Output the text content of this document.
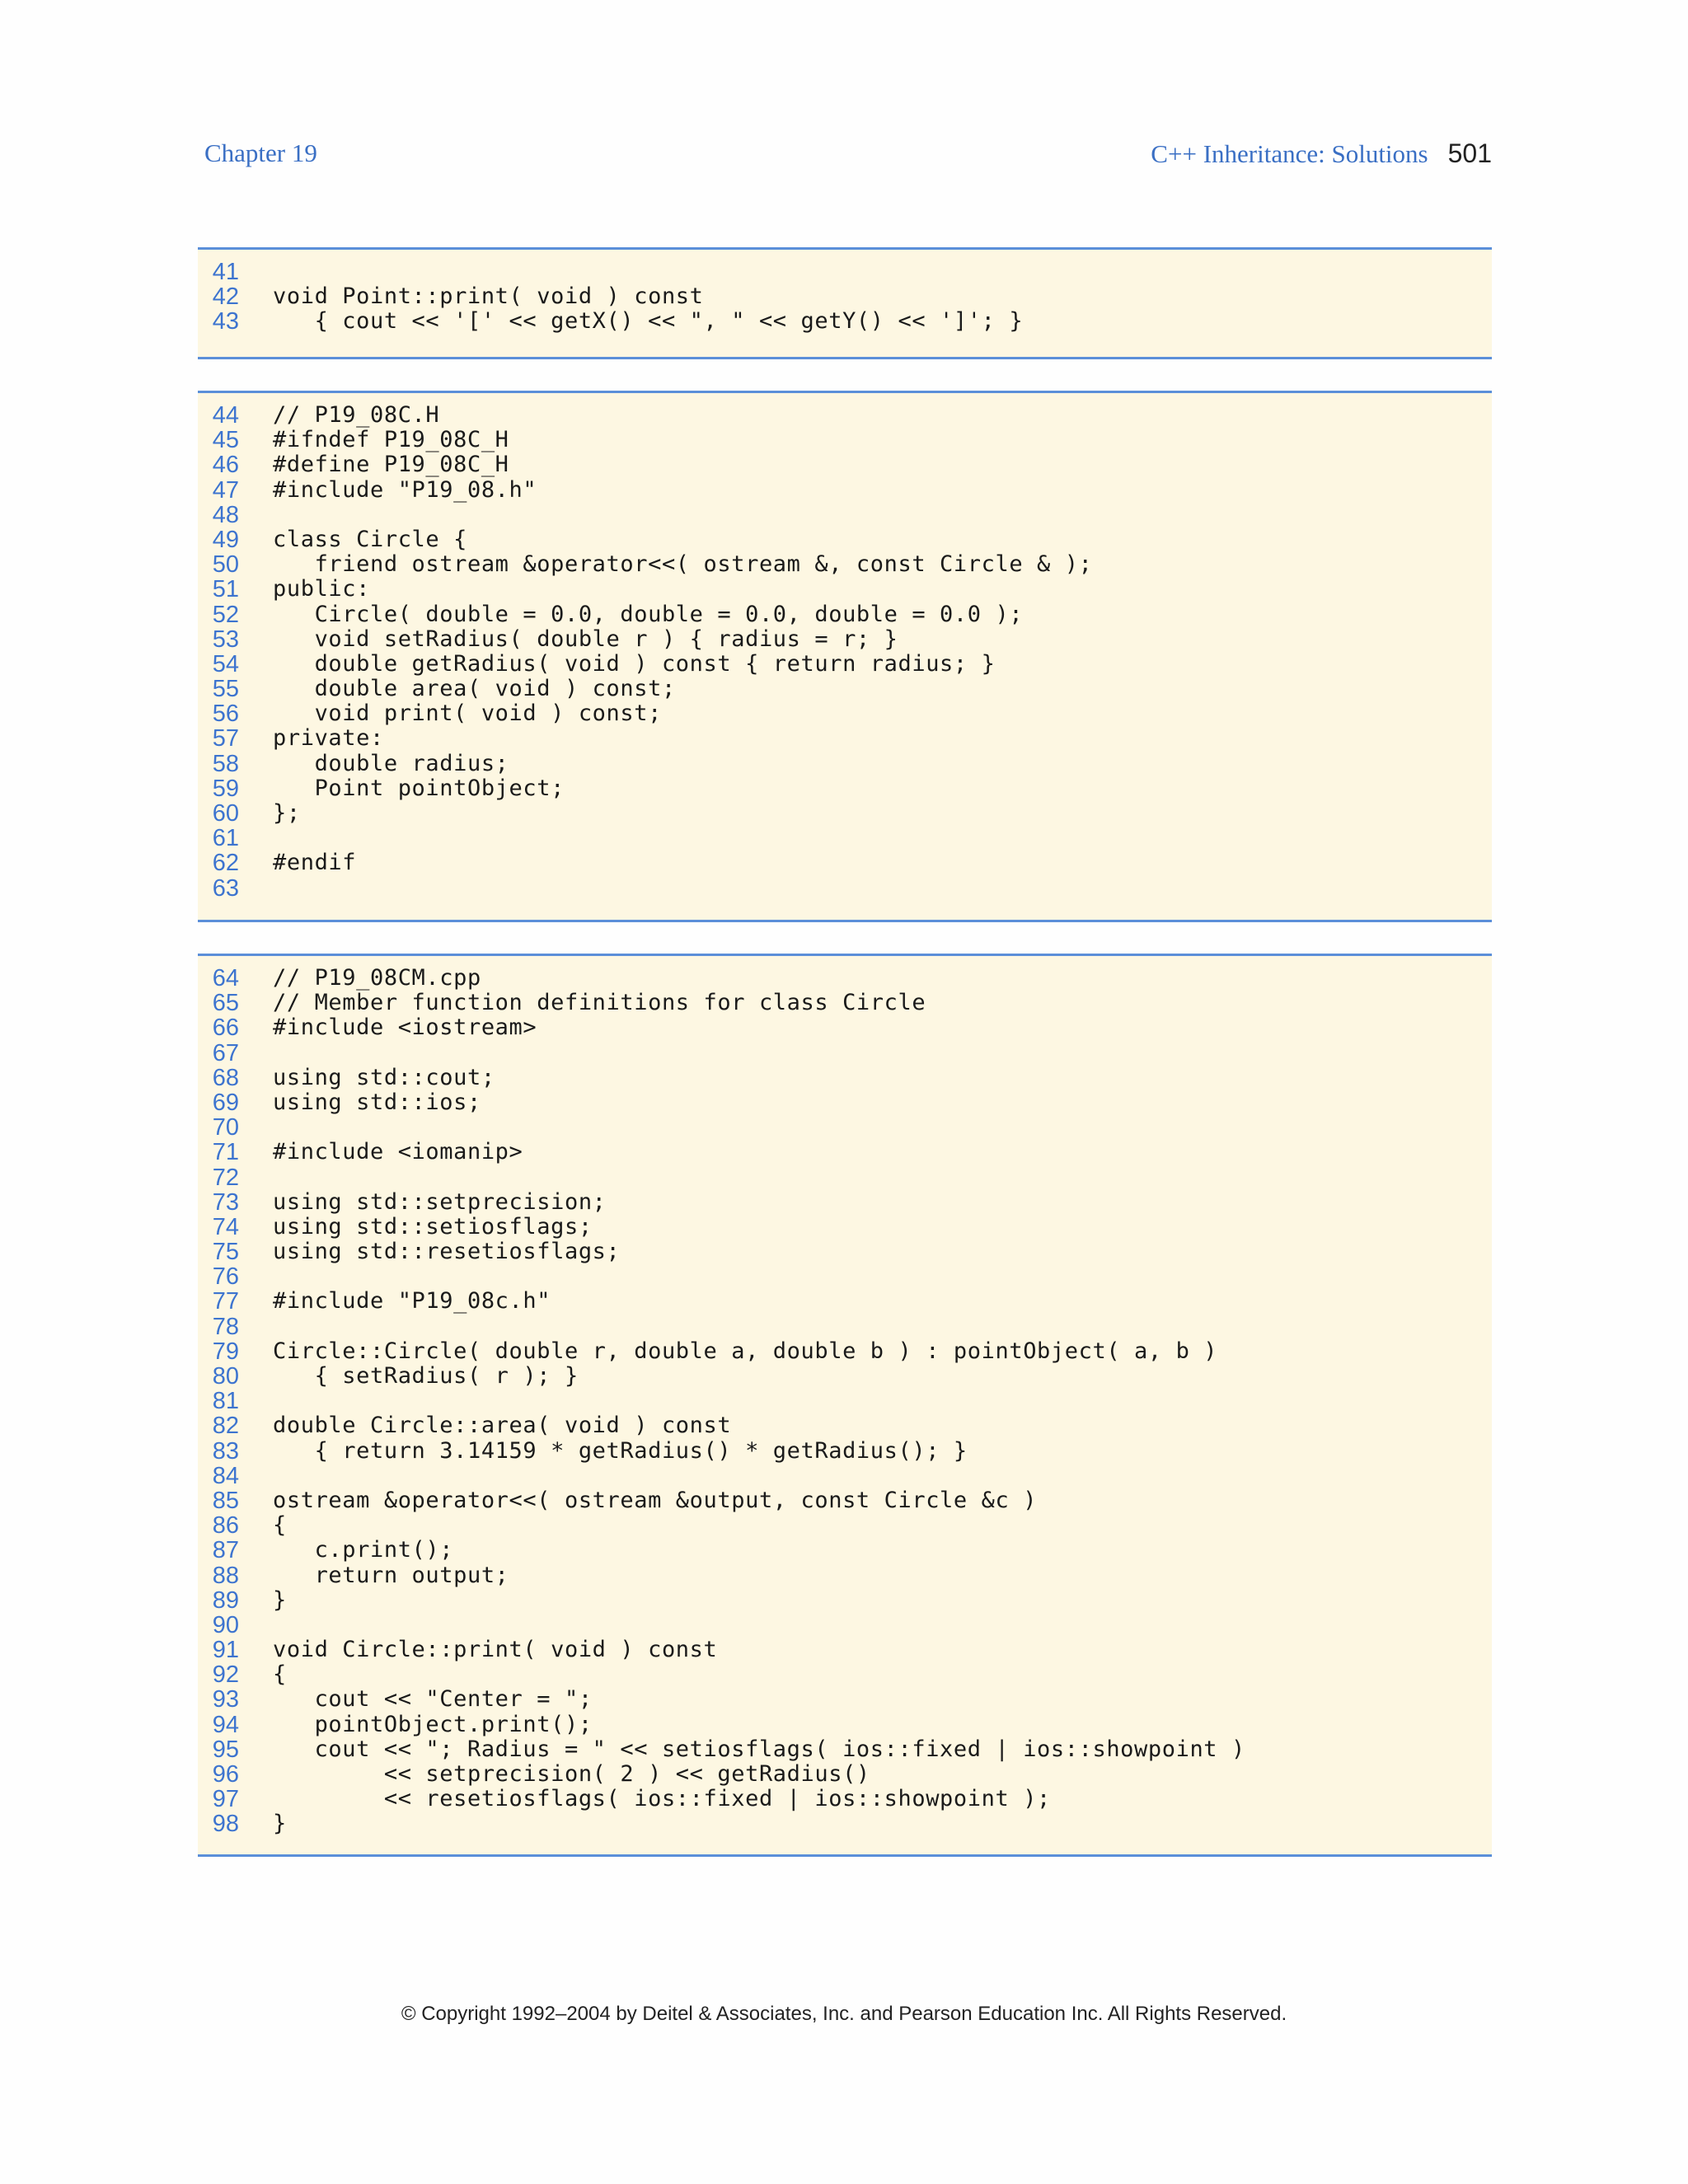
Chapter 19	C++ Inheritance: Solutions 501
41
42 void Point::print( void ) const
43 { cout << '[' << getX() << ", " << getY() << ']'; }
44 // P19_08C.H
45 #ifndef P19_08C_H
46 #define P19_08C_H
47 #include "P19_08.h"
48
49 class Circle {
50 friend ostream &operator<<( ostream &, const Circle & );
51 public:
52 Circle( double = 0.0, double = 0.0, double = 0.0 );
53 void setRadius( double r ) { radius = r; }
54 double getRadius( void ) const { return radius; }
55 double area( void ) const;
56 void print( void ) const;
57 private:
58 double radius;
59 Point pointObject;
60 };
61
62 #endif
63
64 // P19_08CM.cpp
65 // Member function definitions for class Circle
66 #include <iostream>
67
68 using std::cout;
69 using std::ios;
70
71 #include <iomanip>
72
73 using std::setprecision;
74 using std::setiosflags;
75 using std::resetiosflags;
76
77 #include "P19_08c.h"
78
79 Circle::Circle( double r, double a, double b ) : pointObject( a, b )
80 { setRadius( r ); }
81
82 double Circle::area( void ) const
83 { return 3.14159 * getRadius() * getRadius(); }
84
85 ostream &operator<<( ostream &output, const Circle &c )
86 {
87 c.print();
88 return output;
89 }
90
91 void Circle::print( void ) const
92 {
93 cout << "Center = ";
94 pointObject.print();
95 cout << "; Radius = " << setiosflags( ios::fixed | ios::showpoint )
96 << setprecision( 2 ) << getRadius()
97 << resetiosflags( ios::fixed | ios::showpoint );
98 }
© Copyright 1992–2004 by Deitel & Associates, Inc. and Pearson Education Inc. All Rights Reserved.
